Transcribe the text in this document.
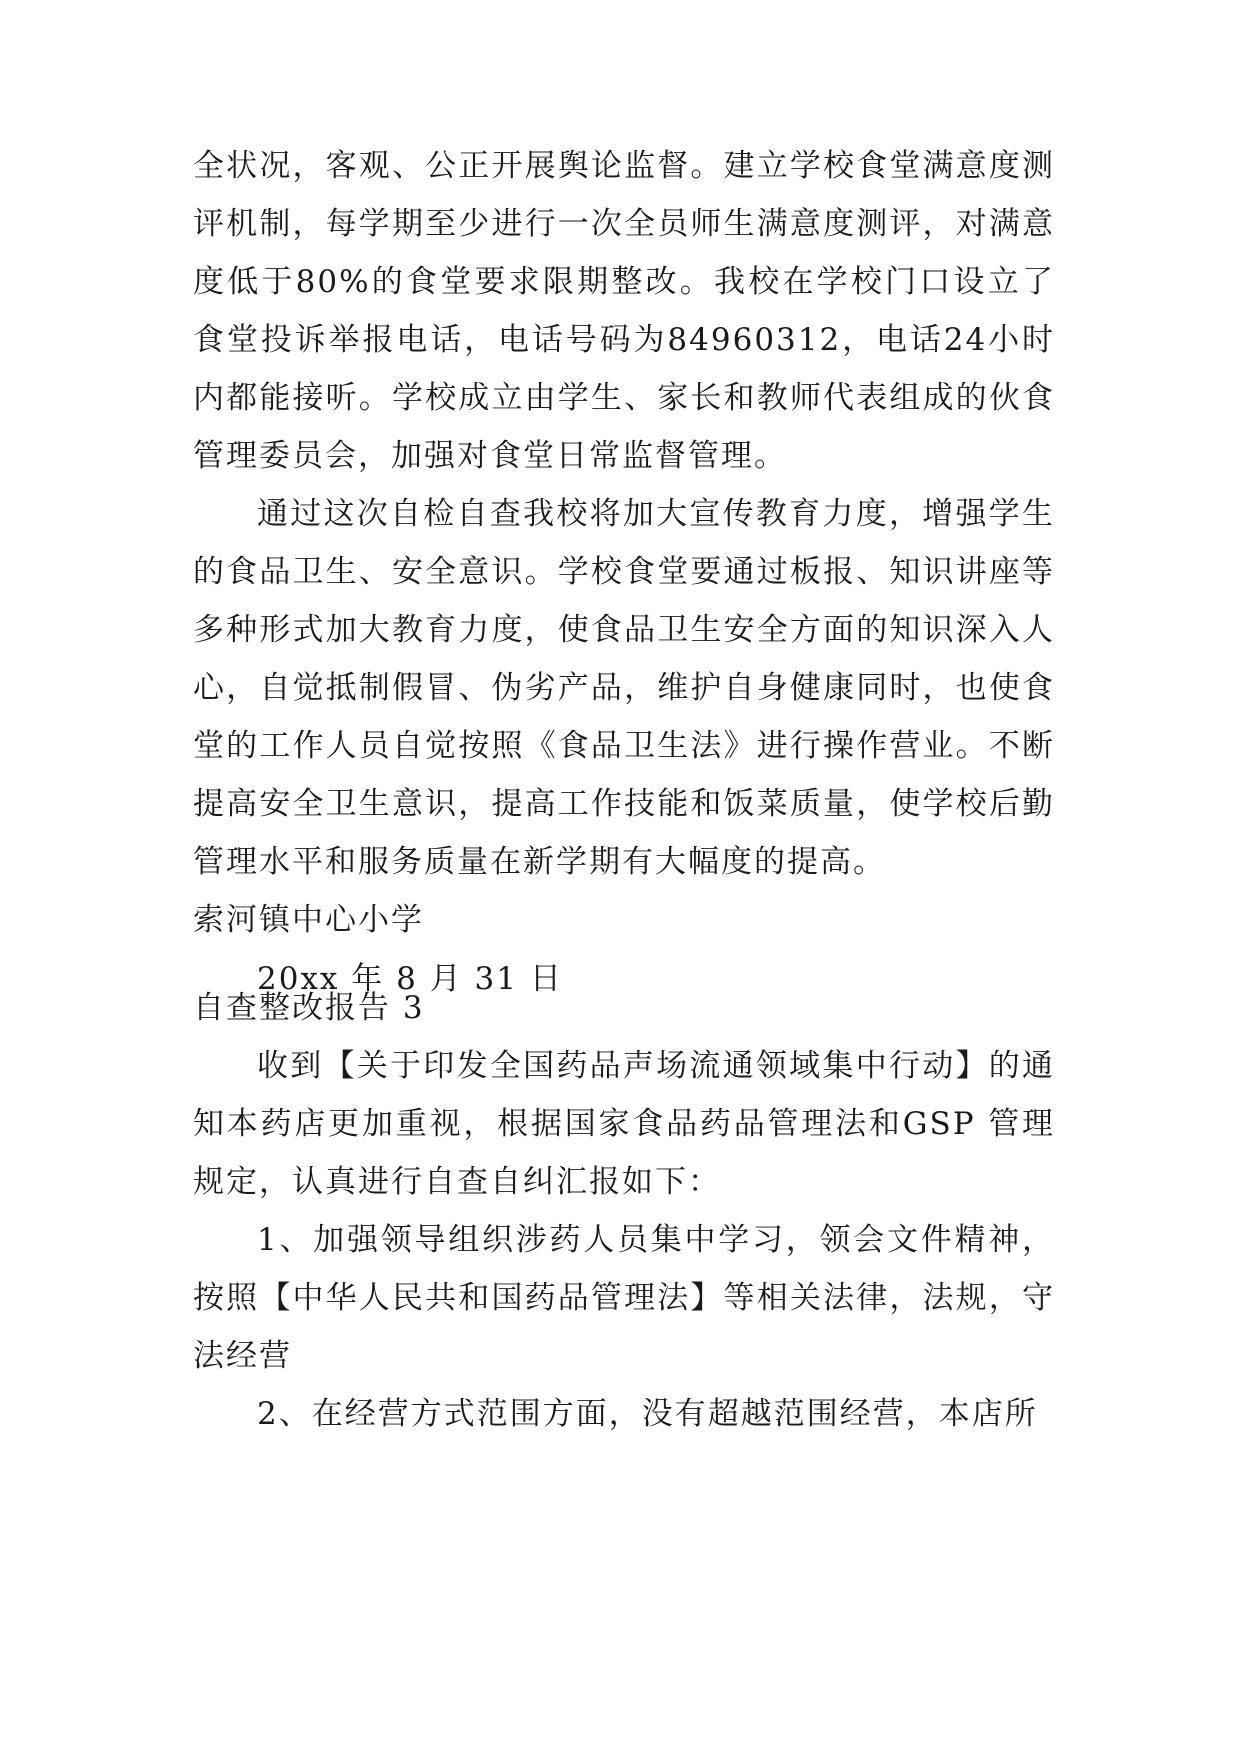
全状况，客观、公正开展舆论监督。建立学校食堂满意度测评机制，每学期至少进行一次全员师生满意度测评，对满意度低于80%的食堂要求限期整改。我校在学校门口设立了食堂投诉举报电话，电话号码为84960312，电话24小时内都能接听。学校成立由学生、家长和教师代表组成的伙食管理委员会，加强对食堂日常监督管理。

通过这次自检自查我校将加大宣传教育力度，增强学生的食品卫生、安全意识。学校食堂要通过板报、知识讲座等多种形式加大教育力度，使食品卫生安全方面的知识深入人心，自觉抵制假冒、伪劣产品，维护自身健康同时，也使食堂的工作人员自觉按照《食品卫生法》进行操作营业。不断提高安全卫生意识，提高工作技能和饭菜质量，使学校后勤管理水平和服务质量在新学期有大幅度的提高。

索河镇中心小学

20xx 年 8 月 31 日

自查整改报告 3

收到【关于印发全国药品声场流通领域集中行动】的通知本药店更加重视，根据国家食品药品管理法和GSP 管理规定，认真进行自查自纠汇报如下：

1、加强领导组织涉药人员集中学习，领会文件精神，按照【中华人民共和国药品管理法】等相关法律，法规，守法经营

2、在经营方式范围方面，没有超越范围经营，本店所
